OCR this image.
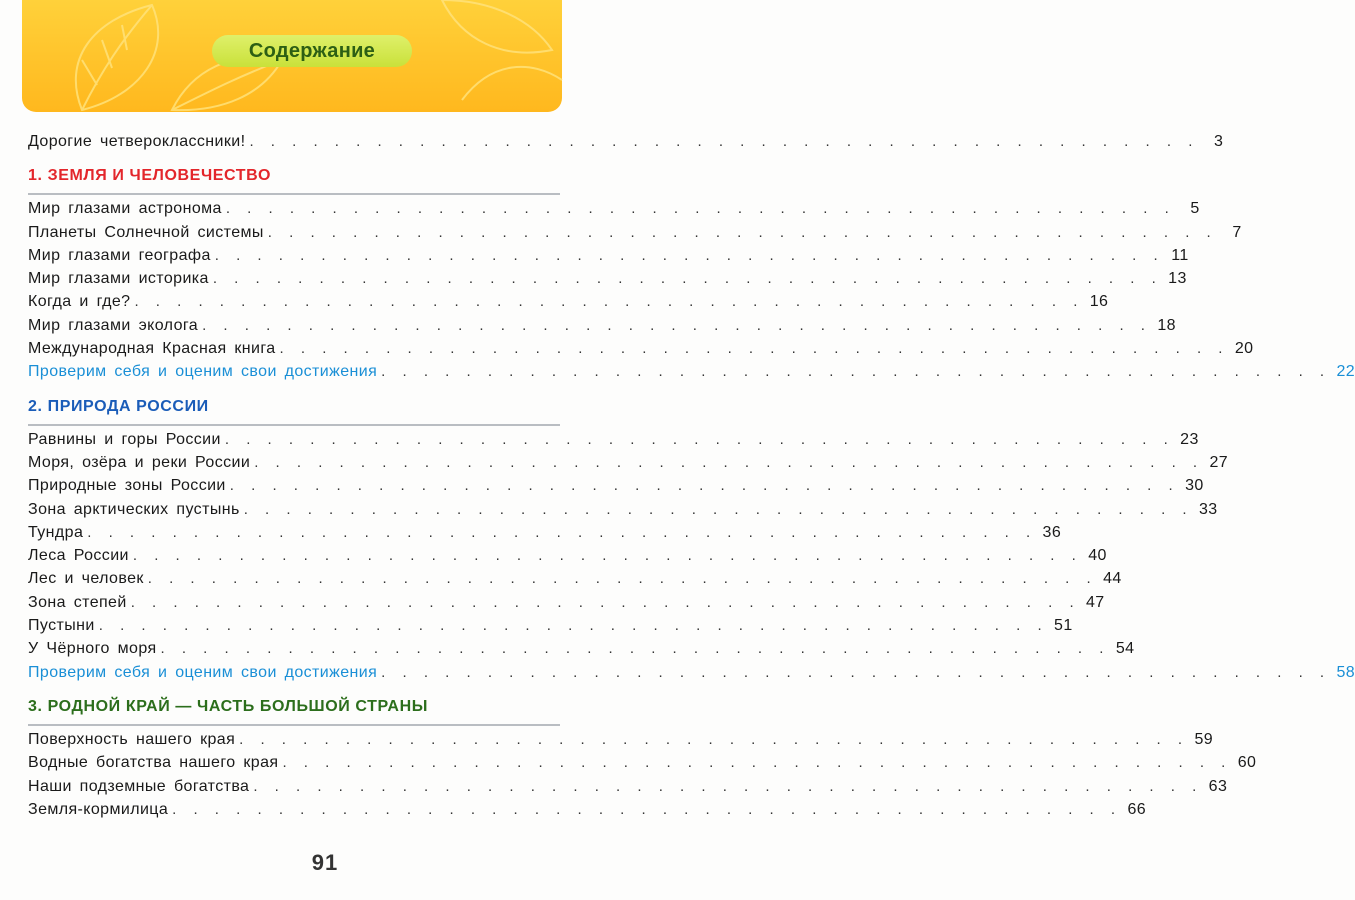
Содержание
Дорогие четвероклассники! . . . . . . . . . . . . . . . . . . . . . . . . . . . . . . . . . . . . . . . . . . . . .	3
1. ЗЕМЛЯ И ЧЕЛОВЕЧЕСТВО
Мир глазами астронома . . . . . . . . . . . . . . . . . . . . . . . . . . . . . . . . . . . . . . . . . . . . .	5
Планеты Солнечной системы . . . . . . . . . . . . . . . . . . . . . . . . . . . . . . . . . . . . . . . . . . . . .	7
Мир глазами географа . . . . . . . . . . . . . . . . . . . . . . . . . . . . . . . . . . . . . . . . . . . . . 11
Мир глазами историка . . . . . . . . . . . . . . . . . . . . . . . . . . . . . . . . . . . . . . . . . . . . . 13
Когда и где? . . . . . . . . . . . . . . . . . . . . . . . . . . . . . . . . . . . . . . . . . . . . . 16
Мир глазами эколога . . . . . . . . . . . . . . . . . . . . . . . . . . . . . . . . . . . . . . . . . . . . . 18
Международная Красная книга . . . . . . . . . . . . . . . . . . . . . . . . . . . . . . . . . . . . . . . . . . . . . 20
Проверим себя и оценим свои достижения . . . . . . . . . . . . . . . . . . . . . . . . . . . . . . . . . . . . . . . . . . . . . 22
2. ПРИРОДА РОССИИ
Равнины и горы России . . . . . . . . . . . . . . . . . . . . . . . . . . . . . . . . . . . . . . . . . . . . . 23
Моря, озёра и реки России . . . . . . . . . . . . . . . . . . . . . . . . . . . . . . . . . . . . . . . . . . . . . 27
Природные зоны России . . . . . . . . . . . . . . . . . . . . . . . . . . . . . . . . . . . . . . . . . . . . . 30
Зона арктических пустынь . . . . . . . . . . . . . . . . . . . . . . . . . . . . . . . . . . . . . . . . . . . . . 33
Тундра . . . . . . . . . . . . . . . . . . . . . . . . . . . . . . . . . . . . . . . . . . . . . 36
Леса России . . . . . . . . . . . . . . . . . . . . . . . . . . . . . . . . . . . . . . . . . . . . . 40
Лес и человек . . . . . . . . . . . . . . . . . . . . . . . . . . . . . . . . . . . . . . . . . . . . . 44
Зона степей . . . . . . . . . . . . . . . . . . . . . . . . . . . . . . . . . . . . . . . . . . . . . 47
Пустыни . . . . . . . . . . . . . . . . . . . . . . . . . . . . . . . . . . . . . . . . . . . . . 51
У Чёрного моря . . . . . . . . . . . . . . . . . . . . . . . . . . . . . . . . . . . . . . . . . . . . . 54
Проверим себя и оценим свои достижения . . . . . . . . . . . . . . . . . . . . . . . . . . . . . . . . . . . . . . . . . . . . . 58
3. РОДНОЙ КРАЙ — ЧАСТЬ БОЛЬШОЙ СТРАНЫ
Поверхность нашего края . . . . . . . . . . . . . . . . . . . . . . . . . . . . . . . . . . . . . . . . . . . . . 59
Водные богатства нашего края . . . . . . . . . . . . . . . . . . . . . . . . . . . . . . . . . . . . . . . . . . . . . 60
Наши подземные богатства . . . . . . . . . . . . . . . . . . . . . . . . . . . . . . . . . . . . . . . . . . . . . 63
Земля-кормилица . . . . . . . . . . . . . . . . . . . . . . . . . . . . . . . . . . . . . . . . . . . . . 66
91
